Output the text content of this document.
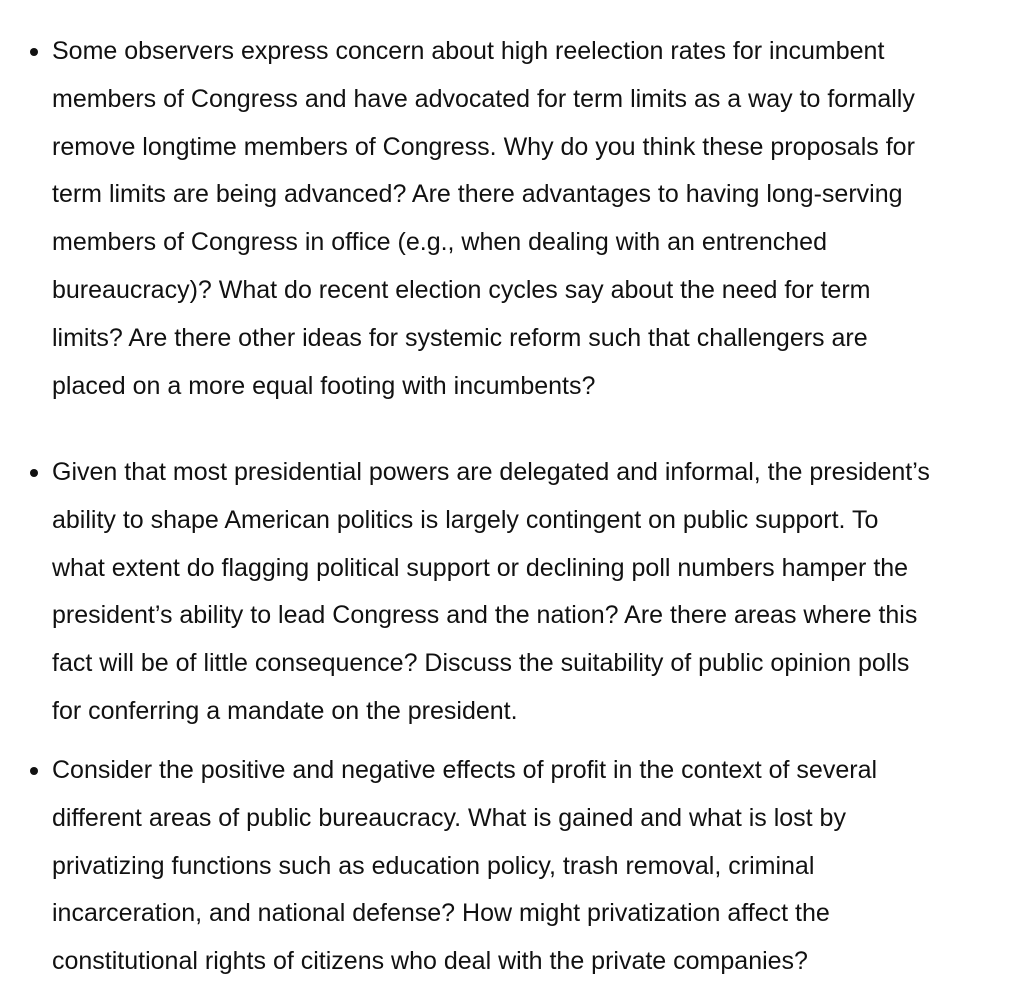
Some observers express concern about high reelection rates for incumbent
members of Congress and have advocated for term limits as a way to formally
remove longtime members of Congress. Why do you think these proposals for
term limits are being advanced? Are there advantages to having long-serving
members of Congress in office (e.g., when dealing with an entrenched
bureaucracy)? What do recent election cycles say about the need for term
limits? Are there other ideas for systemic reform such that challengers are
placed on a more equal footing with incumbents?
Given that most presidential powers are delegated and informal, the president’s
ability to shape American politics is largely contingent on public support. To
what extent do flagging political support or declining poll numbers hamper the
president’s ability to lead Congress and the nation? Are there areas where this
fact will be of little consequence? Discuss the suitability of public opinion polls
for conferring a mandate on the president.
Consider the positive and negative effects of profit in the context of several
different areas of public bureaucracy. What is gained and what is lost by
privatizing functions such as education policy, trash removal, criminal
incarceration, and national defense? How might privatization affect the
constitutional rights of citizens who deal with the private companies?
